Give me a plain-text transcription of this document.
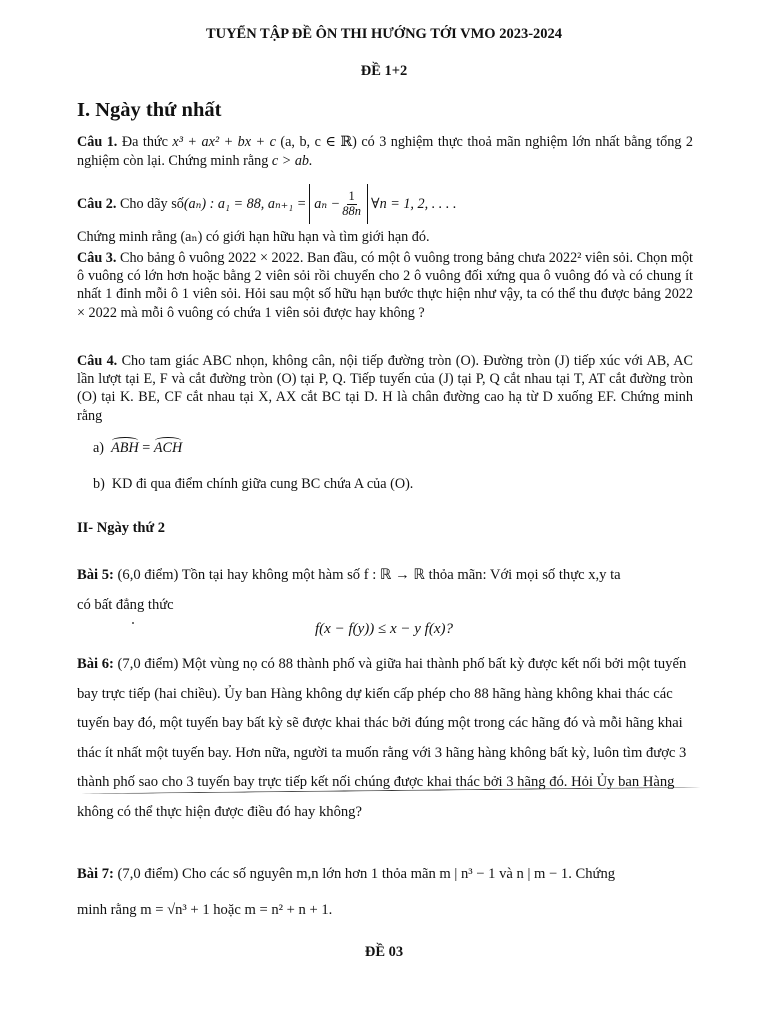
TUYỂN TẬP ĐỀ ÔN THI HƯỚNG TỚI VMO 2023-2024
ĐỀ 1+2
I. Ngày thứ nhất
Câu 1. Đa thức x³ + ax² + bx + c (a, b, c ∈ ℝ) có 3 nghiệm thực thoả mãn nghiệm lớn nhất bằng tổng 2 nghiệm còn lại. Chứng minh rằng c > ab.
Câu 2.
Cho dãy số (aₙ) : a₁ = 88, $a_{n+1} = a_n - \frac{1}{88n}$ ∀n = 1, 2, . . . .
Chứng minh rằng (aₙ) có giới hạn hữu hạn và tìm giới hạn đó.
Câu 3. Cho bảng ô vuông 2022 × 2022. Ban đầu, có một ô vuông trong bảng chưa 2022² viên sỏi. Chọn một ô vuông có lớn hơn hoặc bằng 2 viên sỏi rồi chuyển cho 2 ô vuông đối xứng qua ô vuông đó và có chung ít nhất 1 đỉnh mỗi ô 1 viên sỏi. Hỏi sau một số hữu hạn bước thực hiện như vậy, ta có thể thu được bảng 2022 × 2022 mà mỗi ô vuông có chứa 1 viên sỏi được hay không ?
Câu 4. Cho tam giác ABC nhọn, không cân, nội tiếp đường tròn (O). Đường tròn (J) tiếp xúc với AB, AC lần lượt tại E, F và cắt đường tròn (O) tại P, Q. Tiếp tuyến của (J) tại P, Q cắt nhau tại T, AT cắt đường tròn (O) tại K. BE, CF cắt nhau tại X, AX cắt BC tại D. H là chân đường cao hạ từ D xuống EF. Chứng minh rằng
a) ABH = ACH
b) KD đi qua điểm chính giữa cung BC chứa A của (O).
II- Ngày thứ 2
Bài 5: (6,0 điểm) Tồn tại hay không một hàm số f : ℝ → ℝ thỏa mãn: Với mọi số thực x,y ta
có bất đẳng thức
f(x − f(y)) ≤ x − y f(x)?
Bài 6: (7,0 điểm) Một vùng nọ có 88 thành phố và giữa hai thành phố bất kỳ được kết nối bởi một tuyến bay trực tiếp (hai chiều). Ủy ban Hàng không dự kiến cấp phép cho 88 hãng hàng không khai thác các tuyến bay đó, một tuyến bay bất kỳ sẽ được khai thác bởi đúng một trong các hãng đó và mỗi hãng khai thác ít nhất một tuyến bay. Hơn nữa, người ta muốn rằng với 3 hãng hàng không bất kỳ, luôn tìm được 3 thành phố sao cho 3 tuyến bay trực tiếp kết nối chúng được khai thác bởi 3 hãng đó. Hỏi Ủy ban Hàng không có thể thực hiện được điều đó hay không?
Bài 7: (7,0 điểm) Cho các số nguyên m,n lớn hơn 1 thỏa mãn m | n³ − 1 và n | m − 1. Chứng
minh rằng m = √n³ + 1 hoặc m = n² + n + 1.
ĐỀ 03
